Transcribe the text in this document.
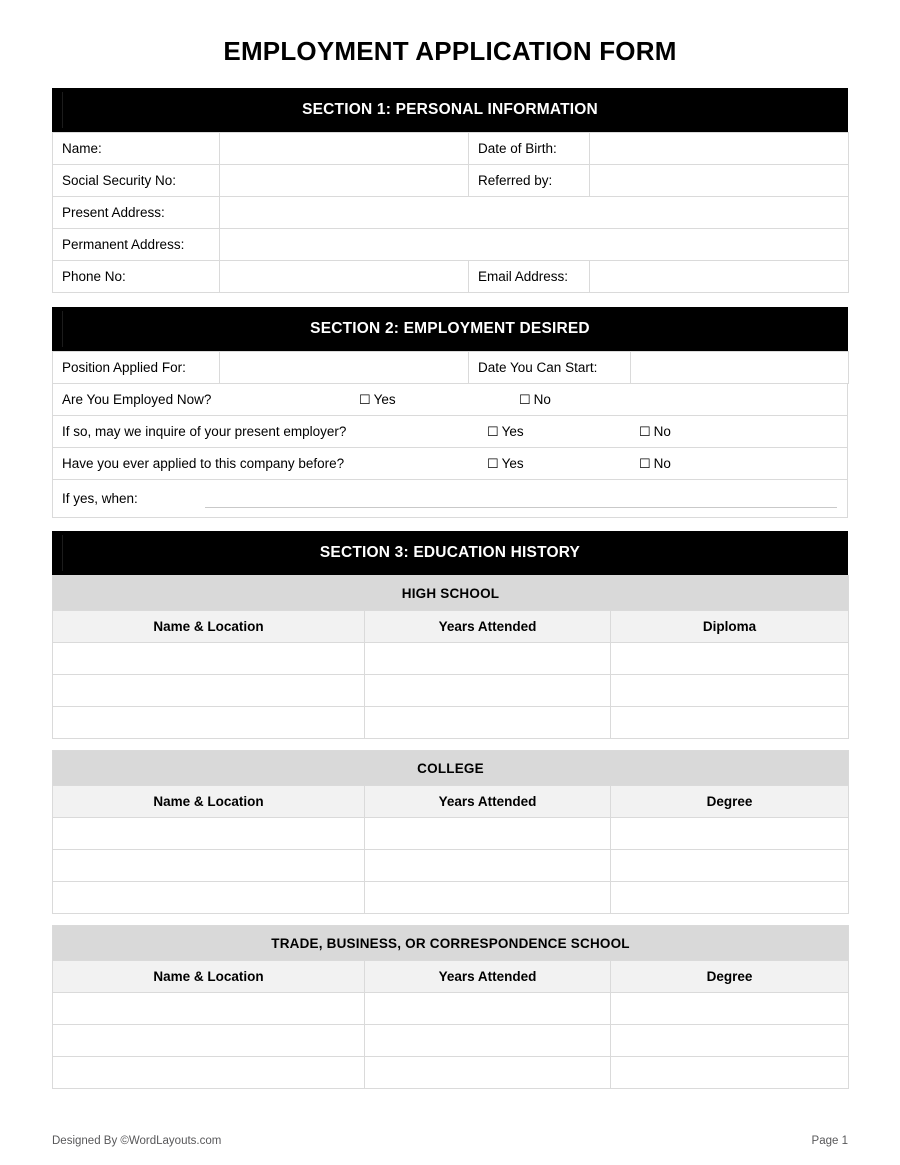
EMPLOYMENT APPLICATION FORM
SECTION 1: PERSONAL INFORMATION
Name:		Date of Birth:	
Social Security No:		Referred by:	
Present Address:			
Permanent Address:			
Phone No:		Email Address:	
SECTION 2: EMPLOYMENT DESIRED
Position Applied For:		Date You Can Start:	
Are You Employed Now?	☐ Yes	☐ No
If so, may we inquire of your present employer?	☐ Yes	☐ No
Have you ever applied to this company before?	☐ Yes	☐ No
If yes, when:
SECTION 3: EDUCATION HISTORY
HIGH SCHOOL		
Name & Location	Years Attended	Diploma

COLLEGE		
Name & Location	Years Attended	Degree

TRADE, BUSINESS, OR CORRESPONDENCE SCHOOL		
Name & Location	Years Attended	Degree

Designed By ©WordLayouts.com	Page 1
